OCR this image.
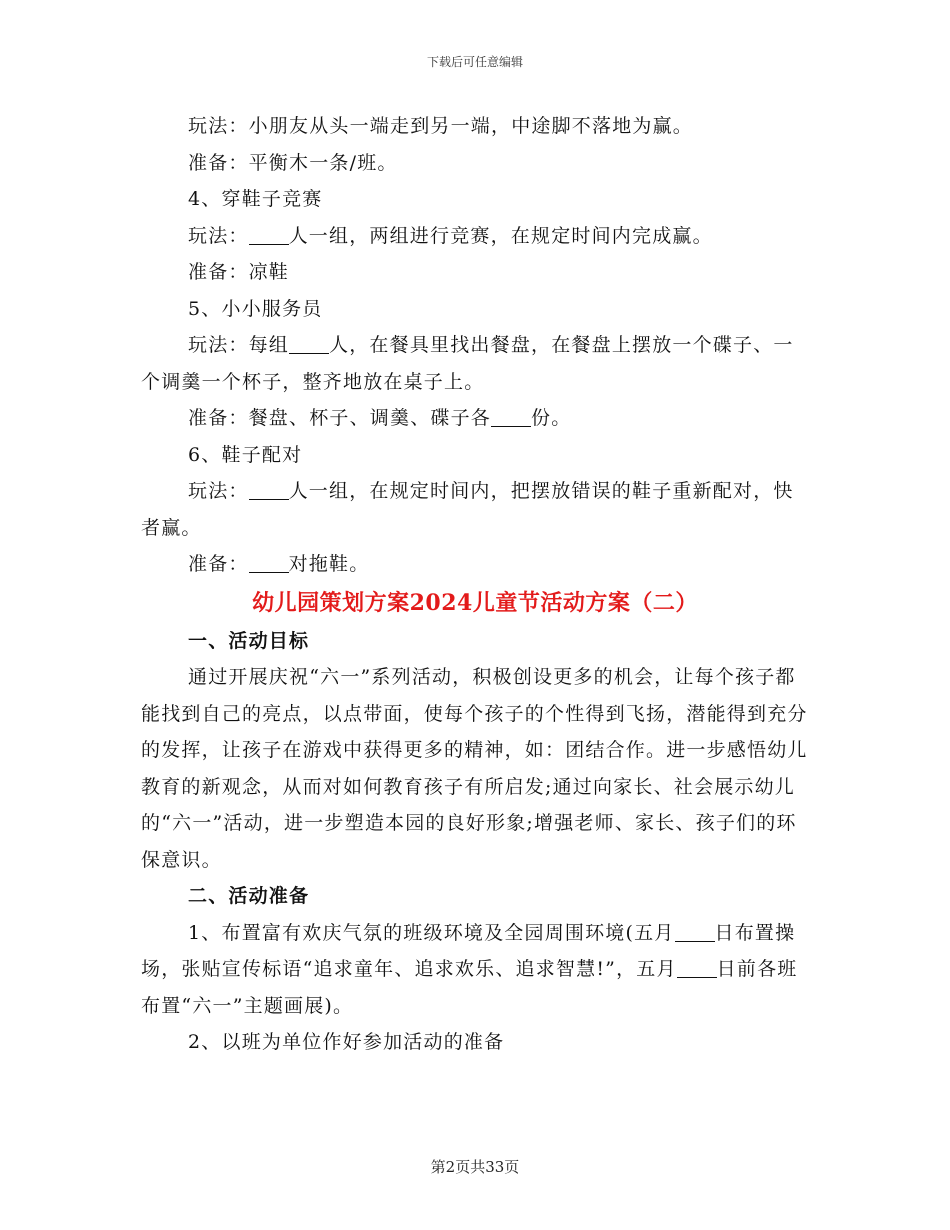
下载后可任意编辑

玩法：小朋友从头一端走到另一端，中途脚不落地为赢。

准备：平衡木一条/班。

4、穿鞋子竞赛

玩法： 人一组，两组进行竞赛，在规定时间内完成赢。

准备：凉鞋

5、小小服务员

玩法：每组 人，在餐具里找出餐盘，在餐盘上摆放一个碟子、一个调羹一个杯子，整齐地放在桌子上。

准备：餐盘、杯子、调羹、碟子各 份。

6、鞋子配对

玩法： 人一组，在规定时间内，把摆放错误的鞋子重新配对，快者赢。

准备： 对拖鞋。

幼儿园策划方案2024儿童节活动方案（二）

一、活动目标

通过开展庆祝“六一”系列活动，积极创设更多的机会，让每个孩子都能找到自己的亮点，以点带面，使每个孩子的个性得到飞扬，潜能得到充分的发挥，让孩子在游戏中获得更多的精神，如：团结合作。进一步感悟幼儿教育的新观念，从而对如何教育孩子有所启发;通过向家长、社会展示幼儿的“六一”活动，进一步塑造本园的良好形象;增强老师、家长、孩子们的环保意识。

二、活动准备

1、布置富有欢庆气氛的班级环境及全园周围环境(五月 日布置操场，张贴宣传标语“追求童年、追求欢乐、追求智慧!”，五月 日前各班布置“六一”主题画展)。

2、以班为单位作好参加活动的准备

第2页共33页
